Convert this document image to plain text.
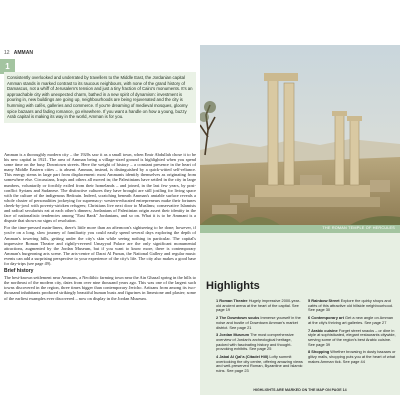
12 AMMAN
1
Consistently overlooked and underrated by travellers to the Middle East, the Jordanian capital Amman stands in marked contrast to its raucous neighbours, with none of the grand history of Damascus, not a whiff of Jerusalem's tension and just a tiny fraction of Cairo's monuments. It's an approachable city with unexpected charm, bathed in a new spirit of dynamism: investment is pouring in, new buildings are going up, neighbourhoods are being rejuvenated and the city is humming with cafés, galleries and commerce. If you're dreaming of medieval mosques, gloomy spice bazaars and fading romance, go elsewhere. If you want a handle on how a young, buzzy Arab capital is making its way in the world, Amman is for you.

Amman is a thoroughly modern city – the 1920s saw it as a small town, when Emir Abdullah chose it to be his new capital in 1921. The area of Amman being a village-sized ground is highlighted when you spend some time on the busy Downtown streets. Here the weight of history – a constant presence in the heart of many Middle Eastern cities – is absent. Amman, instead, is distinguished by a quick-witted self-reliance. This energy stems in large part from displacement: most Ammanis identify themselves as originating from somewhere else. Circassians, Iraqis and others all moved in; the Palestinians have settled in the city in large numbers, voluntarily or forcibly exiled from their homelands – and joined, in the last few years, by post-conflict Syrians and Sudanese. The distinctive cultures they have brought are still jostling for living space with the culture of the indigenous Bedouin. Indeed, scratching beneath Amman's amiable surface reveals a whole cluster of personalities jockeying for supremacy: western-educated entrepreneurs make their fortunes cheek-by-jowl with poverty-stricken refugees; Christians live next door to Muslims; conservative Islamists and radical secularists eat at each other's dinners; Jordanians of Palestinian origin assert their identity in the face of nationalistic tendencies among "East Bank" Jordanians, and so on. What it is to be Ammani is a dispute that shows no signs of resolution.

For the time-pressed main-liners, there's little more than an afternoon's sightseeing to be done; however, if you're on a long, slow journey of familiarity you could easily spend several days exploring the depth of Amman's towering hills, getting under the city's skin while seeing nothing in particular. The capital's impressive Roman Theatre and rightly-revered Umayyad Palace are the only significant monumental attractions, augmented by the Jordan Museum, but if you want to know more, there is contemporary Amman's burgeoning arts scene. The arts-centre of Darat Al Funun, the National Gallery and regular music events can add a surprising perspective to your experience of the city's life. The city also makes a good base for day-trips (see page 49).

Brief history

The best-known settlement near Ammans, a Neolithic farming town near the Ain Ghazal spring in the hills to the northeast of the modern city, dates from over nine thousand years ago. This was one of the largest such towns discovered in the region, three times bigger than contemporary Jericho. Artisans from among its two-thousand inhabitants produced strikingly beautiful human busts and figurines in limestone and plaster; some of the earliest examples ever discovered – now on display in the Jordan Museum.

THE ROMAN TEMPLE OF HERCULES
Highlights
1 Roman Theatre Hugely impressive 2000-year-old ancient arena at the heart of the capital. See page 19
2 The Downtown souks Immerse yourself in the noise and bustle of Downtown Amman's market district. See page 21
3 Jordan Museum The most comprehensive overview of Jordan's archeological heritage, packed with fascinating history and thought-provoking exhibits. See page 25
4 Jabal Al Qal'a (Citadel Hill) Lofty summit overlooking the city centre, offering amazing views and well-preserved Roman, Byzantine and Islamic ruins. See page 23
5 Rainbow Street Explore the quirky shops and cafés of this attractive old hillside neighbourhood. See page 30
6 Contemporary art Get a new angle on Amman at the city's thriving art galleries. See page 27
7 Arabic cuisine Forget street snacks – or dine in style at sophisticated, elegant restaurants citywide, serving some of the region's best Arabic cuisine. See page 39
8 Shopping Whether browsing in dusty bazaars or glitzy malls, shopping puts you at the heart of what makes Amman tick. See page 44
HIGHLIGHTS ARE MARKED ON THE MAP ON PAGE 14
